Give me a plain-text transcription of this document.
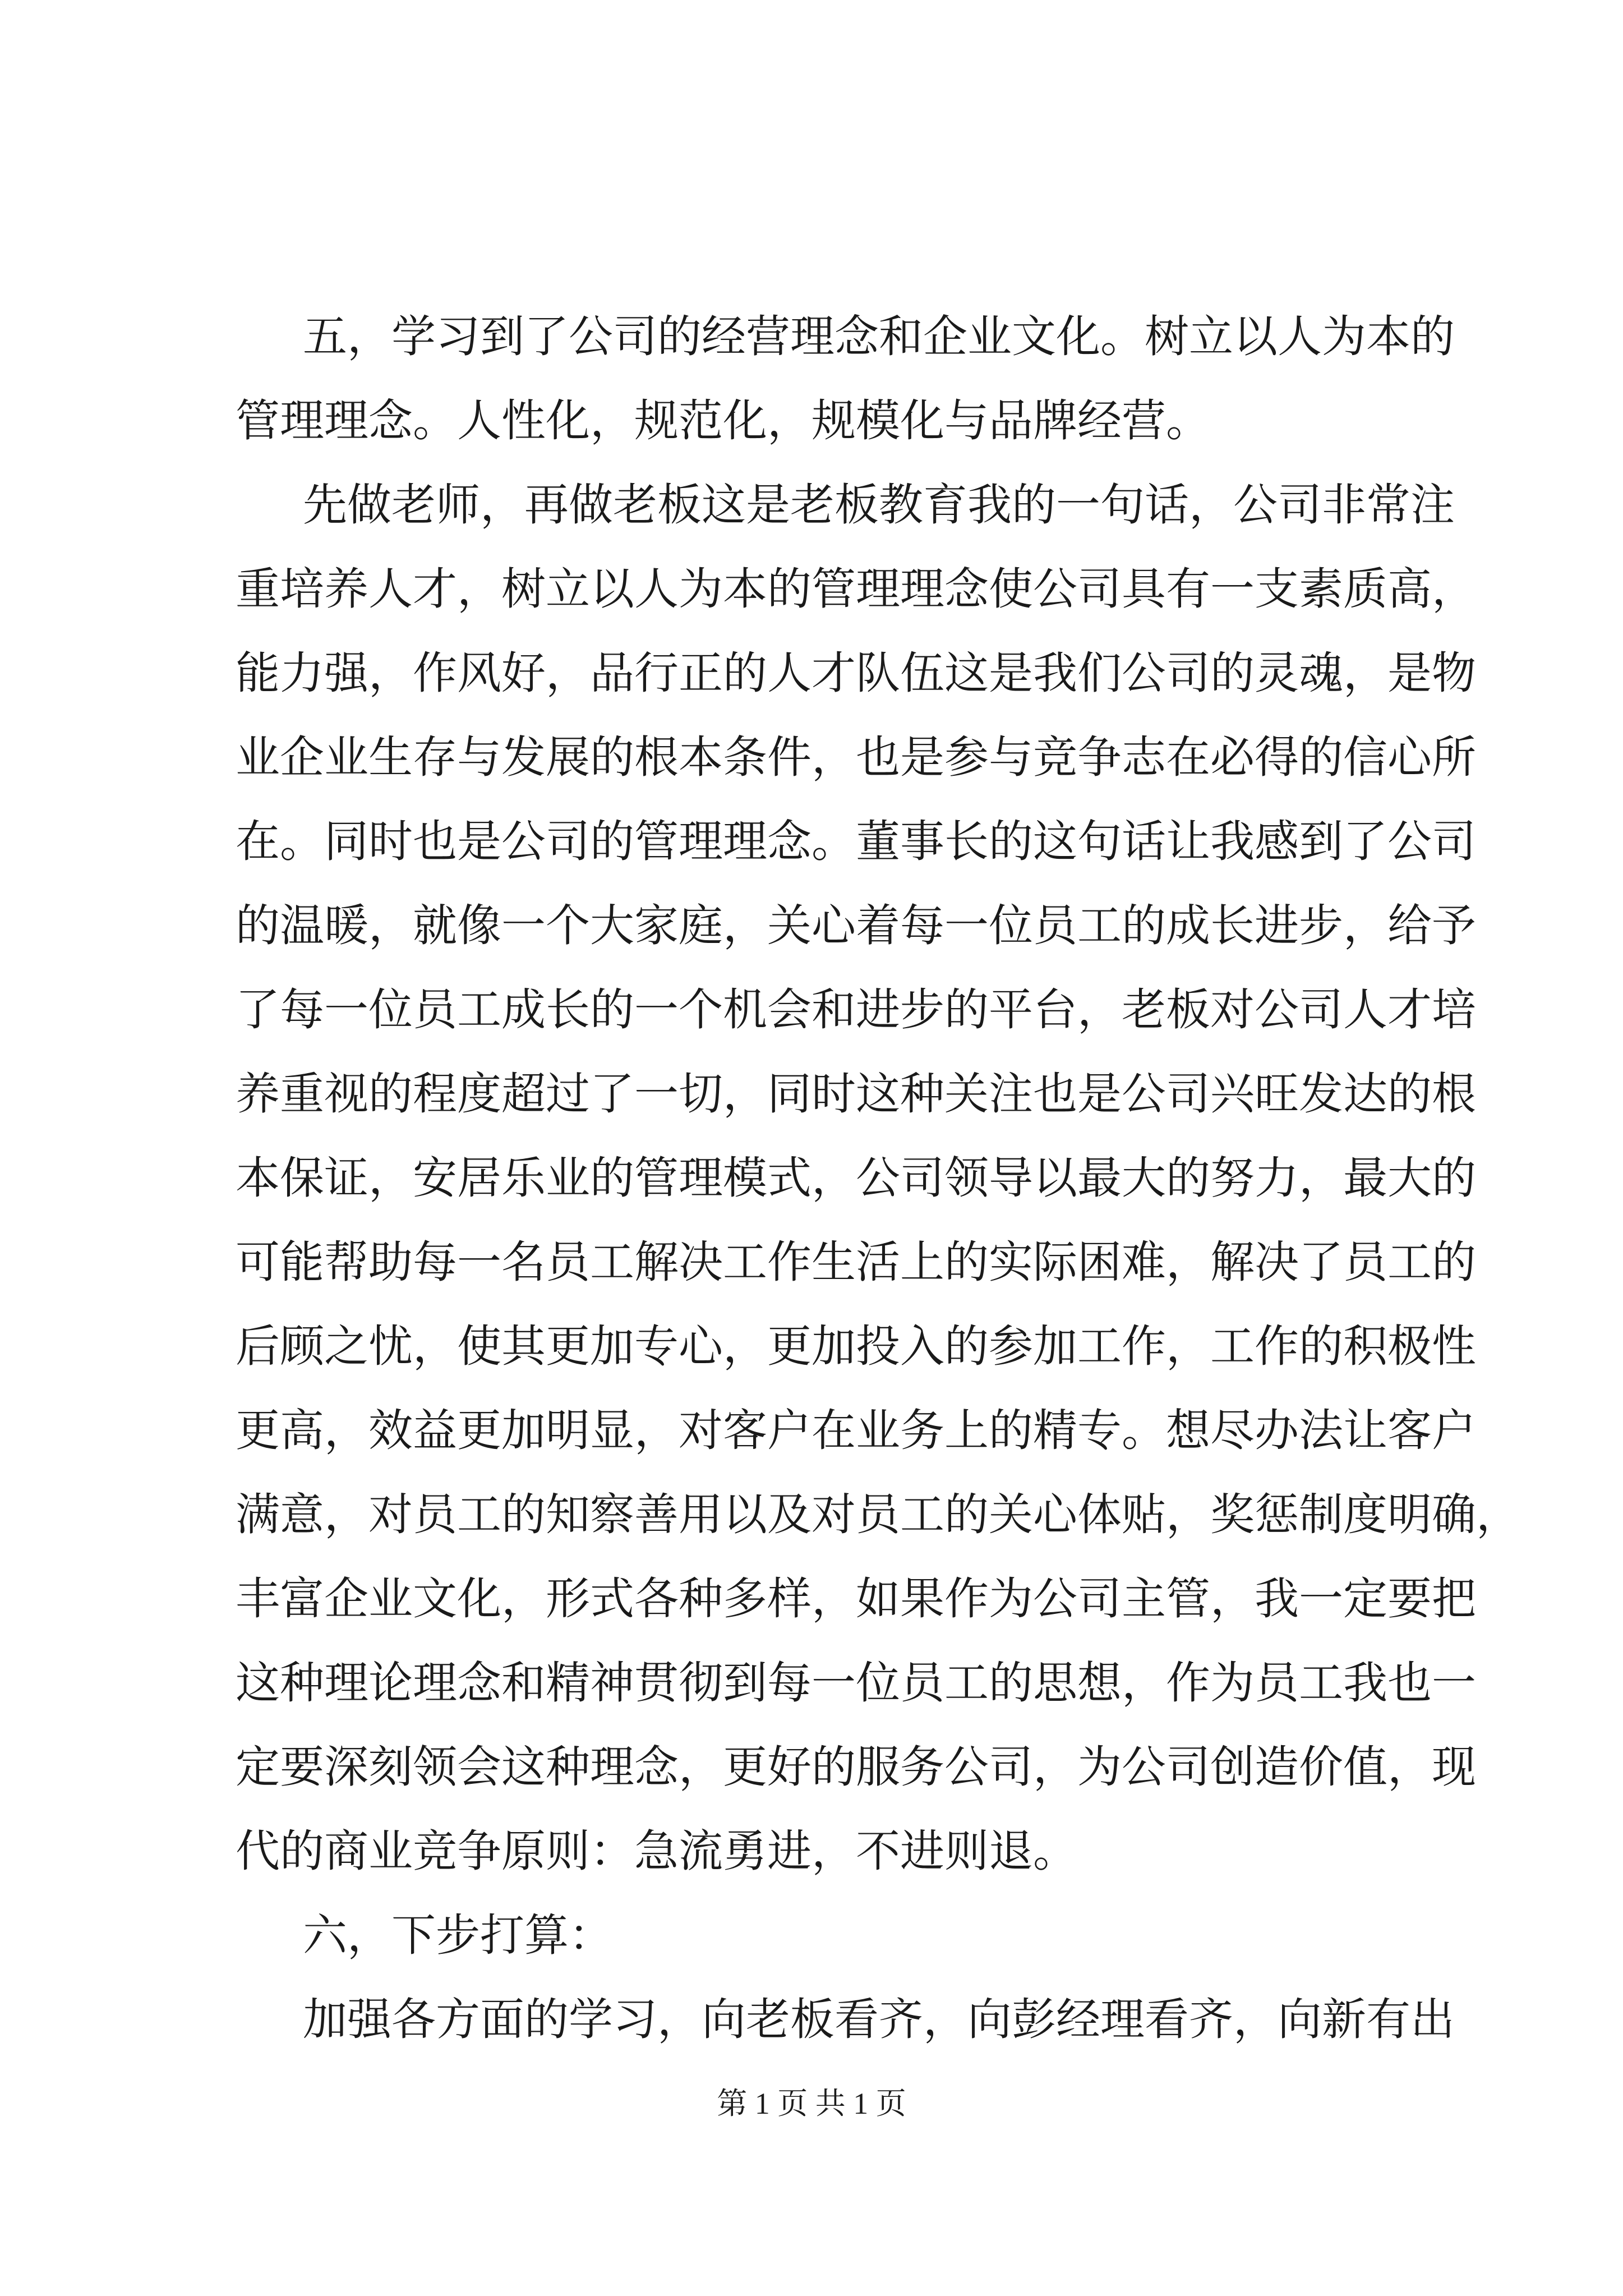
五，学习到了公司的经营理念和企业文化。树立以人为本的
管理理念。人性化，规范化，规模化与品牌经营。
先做老师，再做老板这是老板教育我的一句话，公司非常注
重培养人才，树立以人为本的管理理念使公司具有一支素质高，
能力强，作风好，品行正的人才队伍这是我们公司的灵魂，是物
业企业生存与发展的根本条件，也是参与竞争志在必得的信心所
在。同时也是公司的管理理念。董事长的这句话让我感到了公司
的温暖，就像一个大家庭，关心着每一位员工的成长进步，给予
了每一位员工成长的一个机会和进步的平台，老板对公司人才培
养重视的程度超过了一切，同时这种关注也是公司兴旺发达的根
本保证，安居乐业的管理模式，公司领导以最大的努力，最大的
可能帮助每一名员工解决工作生活上的实际困难，解决了员工的
后顾之忧，使其更加专心，更加投入的参加工作，工作的积极性
更高，效益更加明显，对客户在业务上的精专。想尽办法让客户
满意，对员工的知察善用以及对员工的关心体贴，奖惩制度明确，
丰富企业文化，形式各种多样，如果作为公司主管，我一定要把
这种理论理念和精神贯彻到每一位员工的思想，作为员工我也一
定要深刻领会这种理念，更好的服务公司，为公司创造价值，现
代的商业竞争原则：急流勇进，不进则退。
六，下步打算：
加强各方面的学习，向老板看齐，向彭经理看齐，向新有出
第 1 页 共 1 页
